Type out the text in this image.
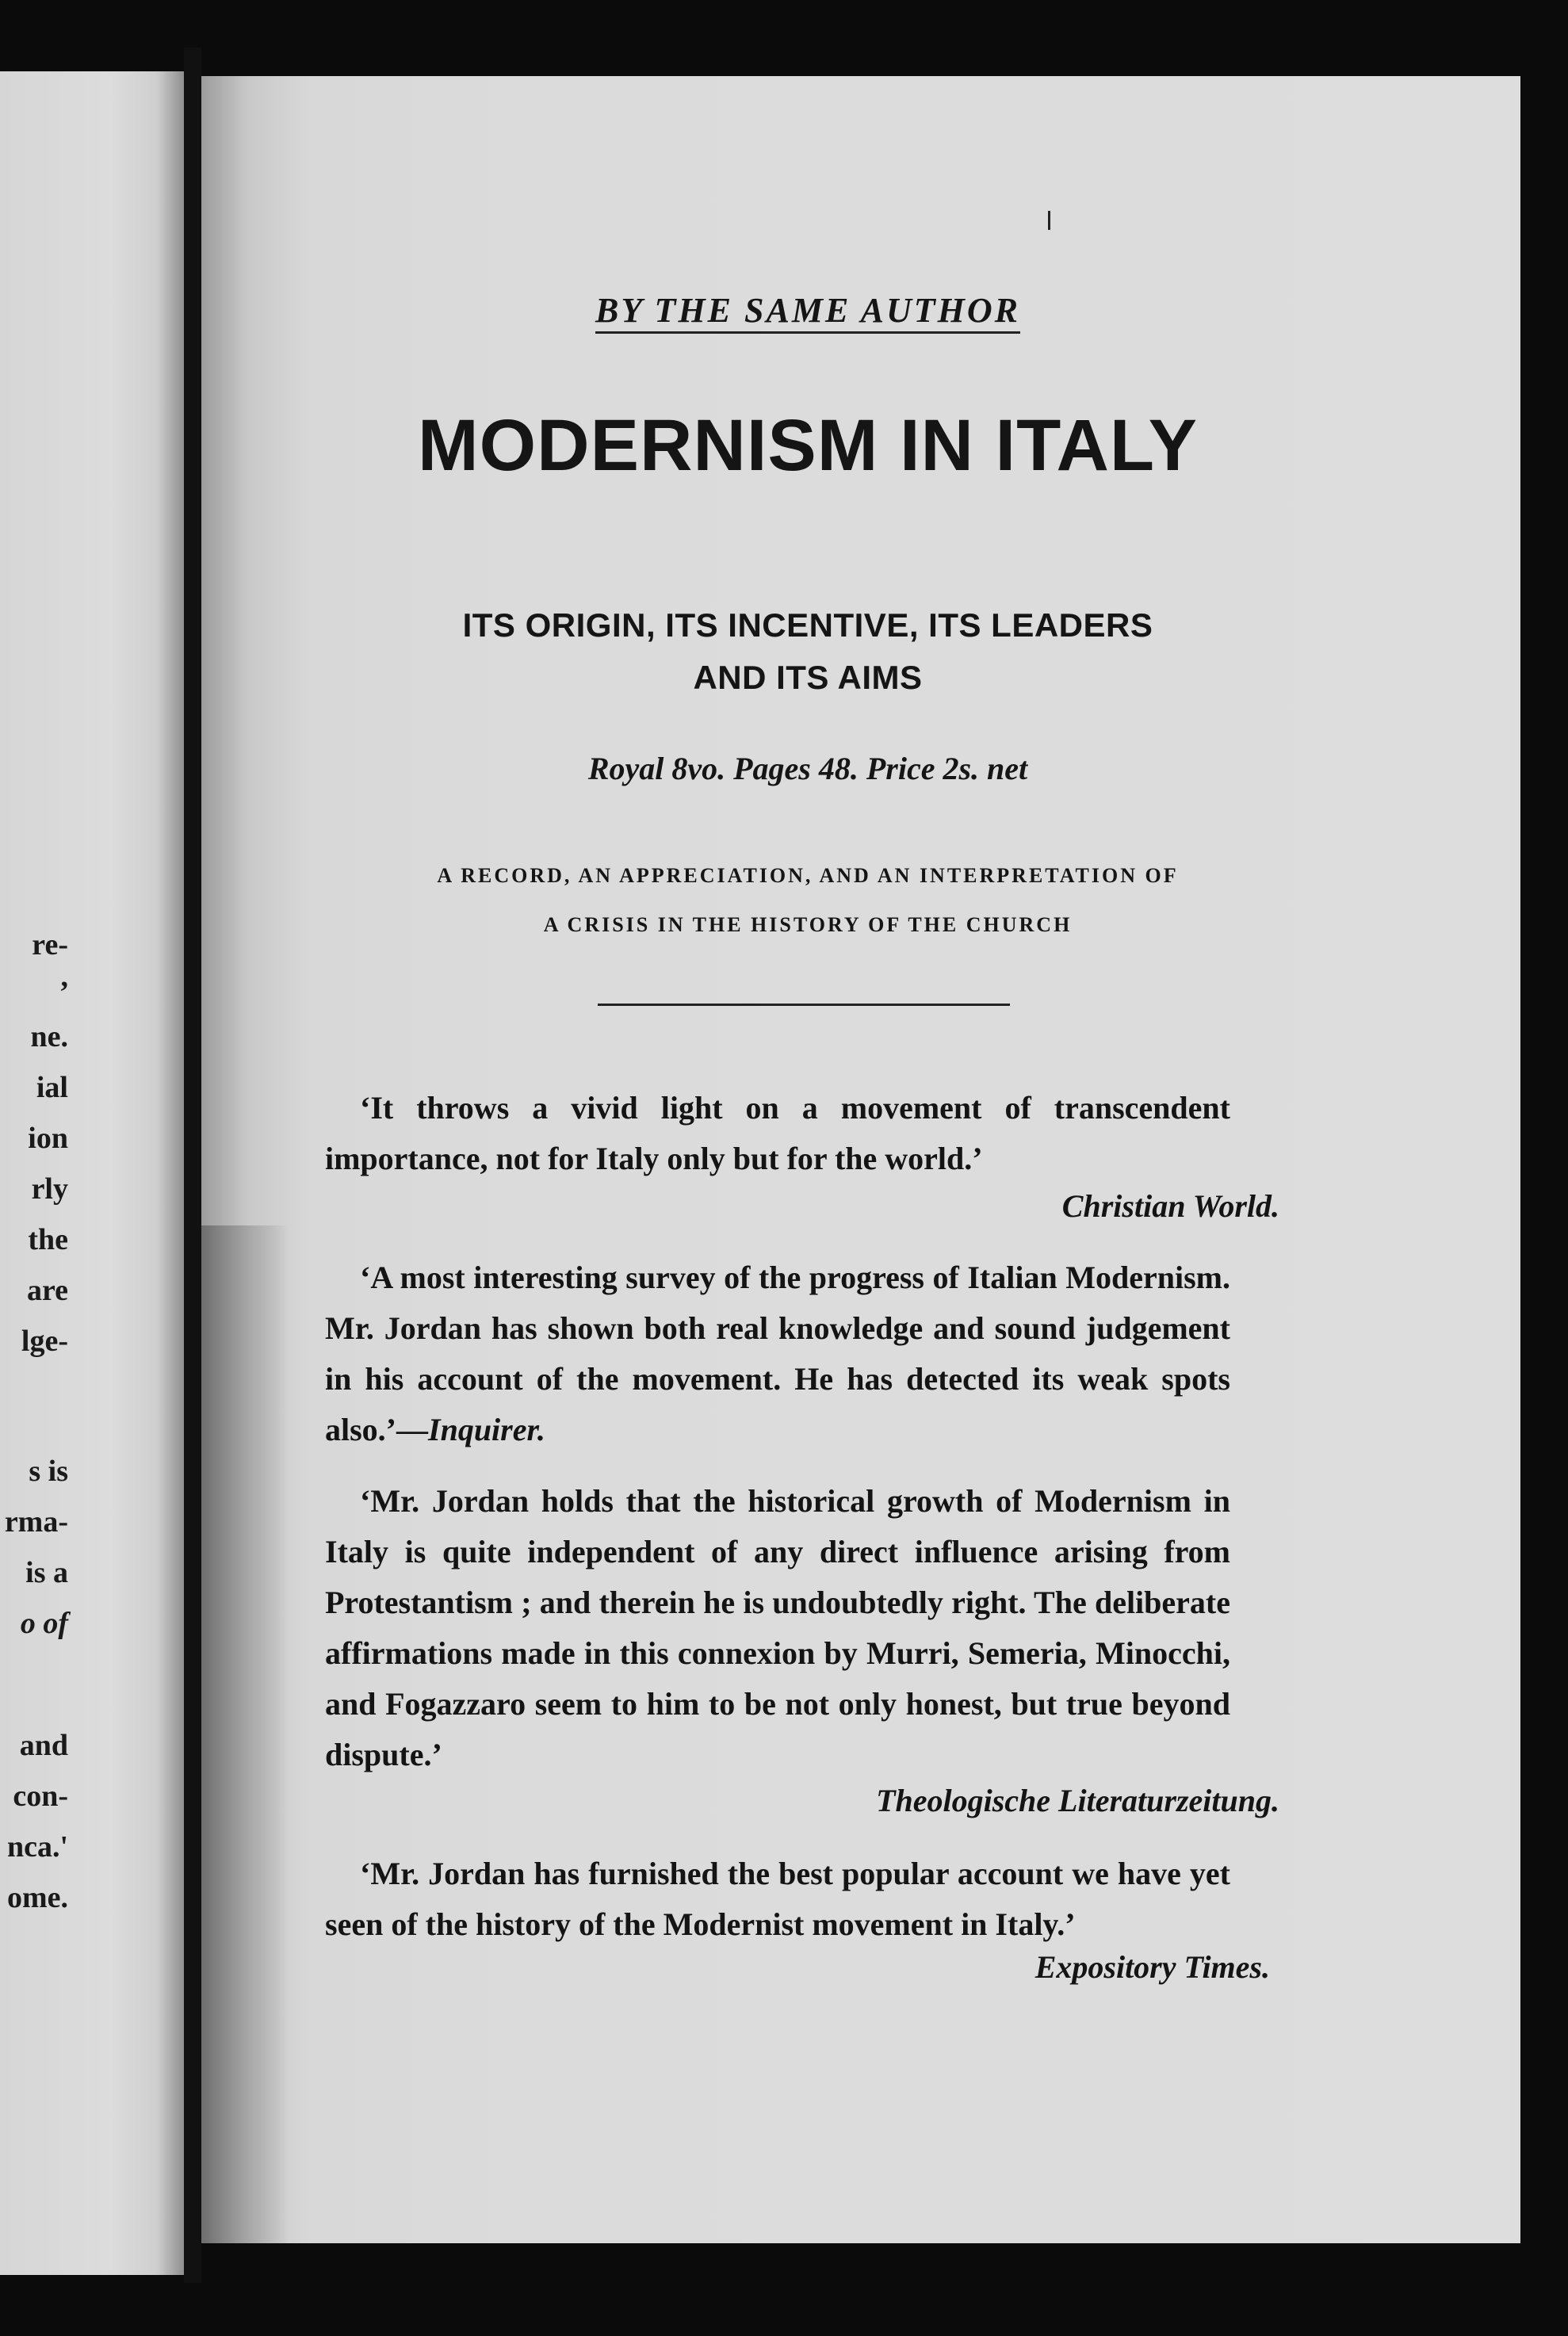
re-
,
ne.
ial
ion
rly
the
are
lge-
s is
rma-
is a
o of
and
con-
nca.'
ome.
BY THE SAME AUTHOR
MODERNISM IN ITALY
ITS ORIGIN, ITS INCENTIVE, ITS LEADERS
AND ITS AIMS
Royal 8vo. Pages 48. Price 2s. net
A RECORD, AN APPRECIATION, AND AN INTERPRETATION OF
A CRISIS IN THE HISTORY OF THE CHURCH
‘It throws a vivid light on a movement of transcendent importance, not for Italy only but for the world.’
Christian World.
‘A most interesting survey of the progress of Italian Modernism. Mr. Jordan has shown both real knowledge and sound judgement in his account of the movement. He has detected its weak spots also.’—Inquirer.
‘Mr. Jordan holds that the historical growth of Modernism in Italy is quite independent of any direct influence arising from Protestantism ; and therein he is undoubtedly right. The deliberate affirmations made in this connexion by Murri, Semeria, Minocchi, and Fogazzaro seem to him to be not only honest, but true beyond dispute.’
Theologische Literaturzeitung.
‘Mr. Jordan has furnished the best popular account we have yet seen of the history of the Modernist movement in Italy.’
Expository Times.
